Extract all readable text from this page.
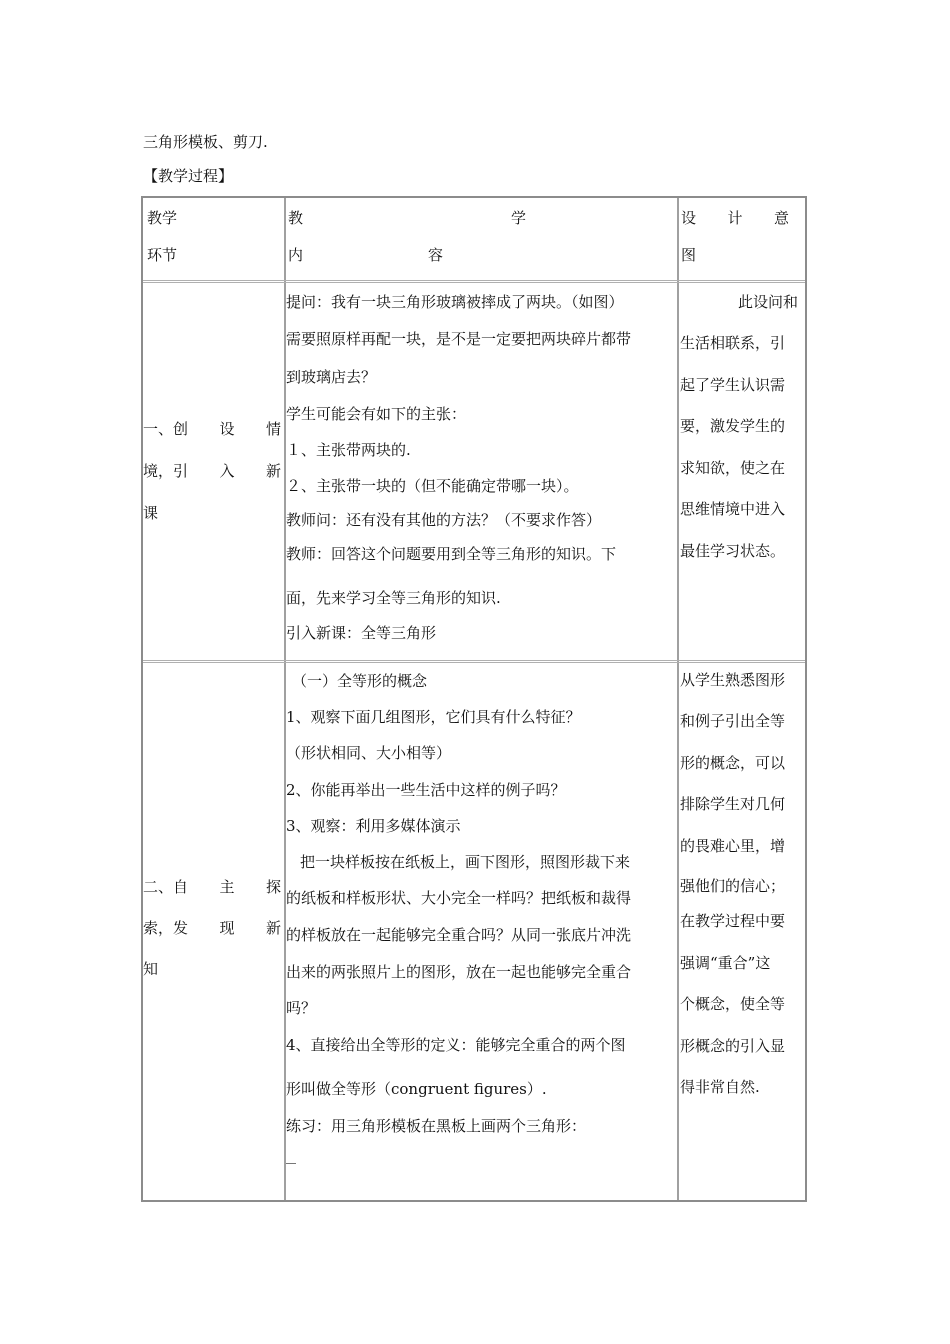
三角形模板、剪刀.
【教学过程】
教学
环节
教	学
内	容
设 计 意
图
一、创 设 情
境，引 入 新
课
提问：我有一块三角形玻璃被摔成了两块。（如图）
需要照原样再配一块，是不是一定要把两块碎片都带
到玻璃店去？
学生可能会有如下的主张：
１、主张带两块的.
２、主张带一块的（但不能确定带哪一块）。
教师问：还有没有其他的方法？（不要求作答）
教师：回答这个问题要用到全等三角形的知识。下
面，先来学习全等三角形的知识.
引入新课：全等三角形
此设问和
生活相联系，引
起了学生认识需
要，激发学生的
求知欲，使之在
思维情境中进入
最佳学习状态。
二、自 主 探
索，发 现 新
知
（一）全等形的概念
1、观察下面几组图形，它们具有什么特征？
（形状相同、大小相等）
2、你能再举出一些生活中这样的例子吗？
3、观察：利用多媒体演示
把一块样板按在纸板上，画下图形，照图形裁下来
的纸板和样板形状、大小完全一样吗？把纸板和裁得
的样板放在一起能够完全重合吗？从同一张底片冲洗
出来的两张照片上的图形，放在一起也能够完全重合
吗？
4、直接给出全等形的定义：能够完全重合的两个图
形叫做全等形（congruent figures）.
练习：用三角形模板在黑板上画两个三角形：
从学生熟悉图形
和例子引出全等
形的概念，可以
排除学生对几何
的畏难心里，增
强他们的信心；
在教学过程中要
强调“重合”这
个概念，使全等
形概念的引入显
得非常自然.
